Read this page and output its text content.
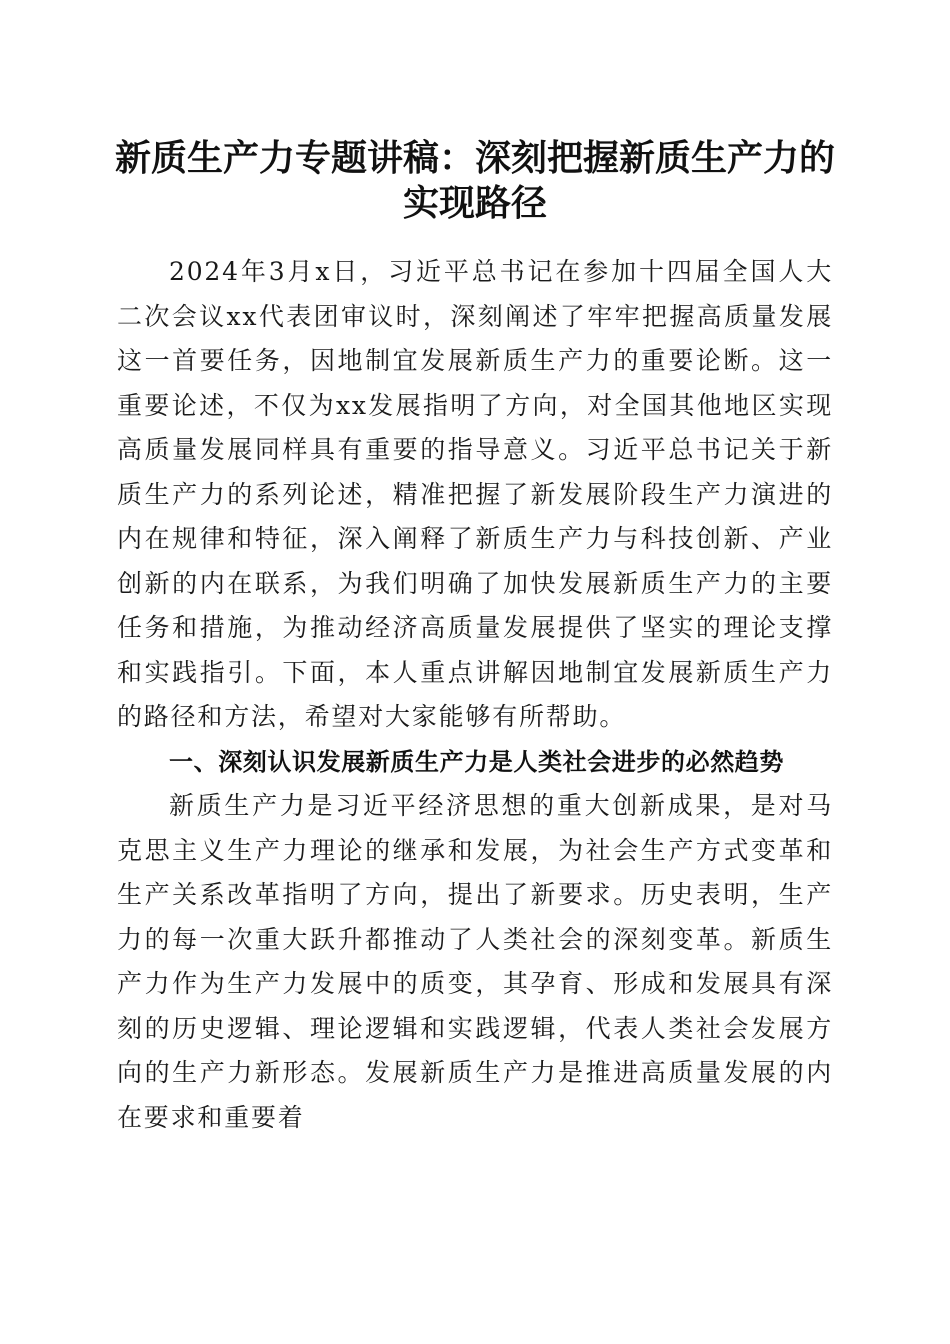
新质生产力专题讲稿：深刻把握新质生产力的
实现路径

2024年3月x日，习近平总书记在参加十四届全国人大二次会议xx代表团审议时，深刻阐述了牢牢把握高质量发展这一首要任务，因地制宜发展新质生产力的重要论断。这一重要论述，不仅为xx发展指明了方向，对全国其他地区实现高质量发展同样具有重要的指导意义。习近平总书记关于新质生产力的系列论述，精准把握了新发展阶段生产力演进的内在规律和特征，深入阐释了新质生产力与科技创新、产业创新的内在联系，为我们明确了加快发展新质生产力的主要任务和措施，为推动经济高质量发展提供了坚实的理论支撑和实践指引。下面，本人重点讲解因地制宜发展新质生产力的路径和方法，希望对大家能够有所帮助。

一、深刻认识发展新质生产力是人类社会进步的必然趋势

新质生产力是习近平经济思想的重大创新成果，是对马克思主义生产力理论的继承和发展，为社会生产方式变革和生产关系改革指明了方向，提出了新要求。历史表明，生产力的每一次重大跃升都推动了人类社会的深刻变革。新质生产力作为生产力发展中的质变，其孕育、形成和发展具有深刻的历史逻辑、理论逻辑和实践逻辑，代表人类社会发展方向的生产力新形态。发展新质生产力是推进高质量发展的内在要求和重要着
